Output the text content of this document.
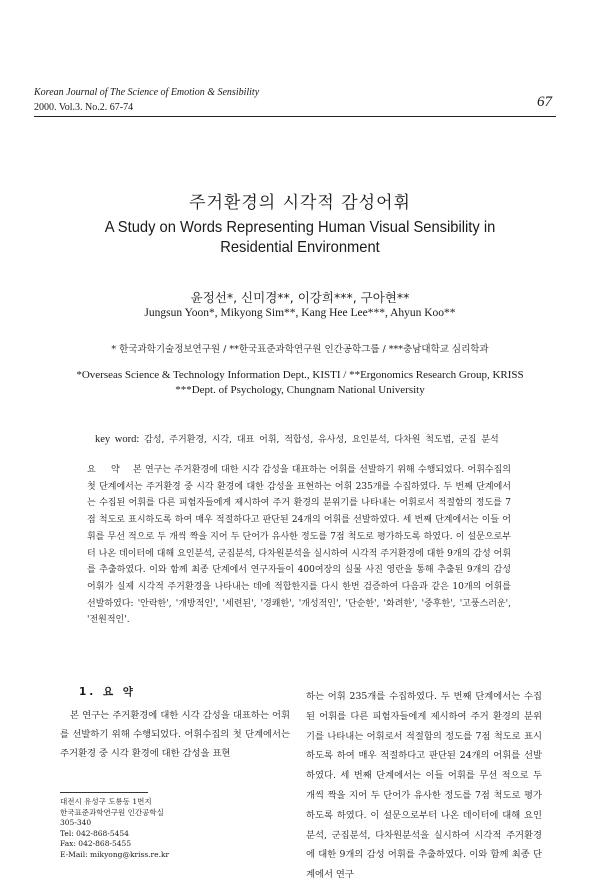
Korean Journal of The Science of Emotion & Sensibility
2000. Vol.3. No.2. 67-74	67
주거환경의 시각적 감성어휘
A Study on Words Representing Human Visual Sensibility in Residential Environment
윤정선*, 신미경**, 이강희***, 구아현**
Jungsun Yoon*, Mikyong Sim**, Kang Hee Lee***, Ahyun Koo**
* 한국과학기술정보연구원 / **한국표준과학연구원 인간공학그룹 / ***충남대학교 심리학과
*Overseas Science & Technology Information Dept., KISTI / **Ergonomics Research Group, KRISS
***Dept. of Psychology, Chungnam National University
key word: 감성, 주거환경, 시각, 대표 어휘, 적합성, 유사성, 요인분석, 다차원 척도법, 군집 분석
요 약 본 연구는 주거환경에 대한 시각 감성을 대표하는 어휘를 선발하기 위해 수행되었다. 어휘수집의 첫 단계에서는 주거환경 중 시각 환경에 대한 감성을 표현하는 어휘 235개를 수집하였다. 두 번째 단계에서는 수집된 어휘를 다른 피험자들에게 제시하여 주거 환경의 분위기를 나타내는 어휘로서 적절함의 정도를 7점 척도로 표시하도록 하여 매우 적절하다고 판단된 24개의 어휘를 선발하였다. 세 번째 단계에서는 이들 어휘를 무선 적으로 두 개씩 짝을 지어 두 단어가 유사한 정도를 7점 척도로 평가하도록 하였다. 이 설문으로부터 나온 데이터에 대해 요인분석, 군집분석, 다차원분석을 실시하여 시각적 주거환경에 대한 9개의 감성 어휘를 추출하였다. 이와 함께 최종 단계에서 연구자들이 400여장의 실물 사진 영란을 통해 추출된 9개의 감성 어휘가 실제 시각적 주거환경을 나타내는 데에 적합한지를 다시 한번 검증하여 다음과 같은 10개의 어휘를 선발하였다: '안락한', '개방적인', '세련된', '경쾌한', '개성적인', '단순한', '화려한', '중후한', '고풍스러운', '전원적인'.
1. 요 약
본 연구는 주거환경에 대한 시각 감성을 대표하는 어휘를 선발하기 위해 수행되었다. 어휘수집의 첫 단계에서는 주거환경 중 시각 환경에 대한 감성을 표현
하는 어휘 235개를 수집하였다. 두 번째 단계에서는 수집된 어휘를 다른 피험자들에게 제시하여 주거 환경의 분위기를 나타내는 어휘로서 적절함의 정도를 7점 척도로 표시하도록 하여 매우 적절하다고 판단된 24개의 어휘를 선발하였다. 세 번째 단계에서는 이들 어휘를 무선 적으로 두 개씩 짝을 지어 두 단어가 유사한 정도를 7점 척도로 평가하도록 하였다. 이 설문으로부터 나온 데이터에 대해 요인분석, 군집분석, 다차원분석을 실시하여 시각적 주거환경에 대한 9개의 감성 어휘를 추출하였다. 이와 함께 최종 단계에서 연구
대전시 유성구 도룡동 1번지
한국표준과학연구원 인간공학실
305-340
Tel: 042-868-5454
Fax: 042-868-5455
E-Mail: mikyong@kriss.re.kr
